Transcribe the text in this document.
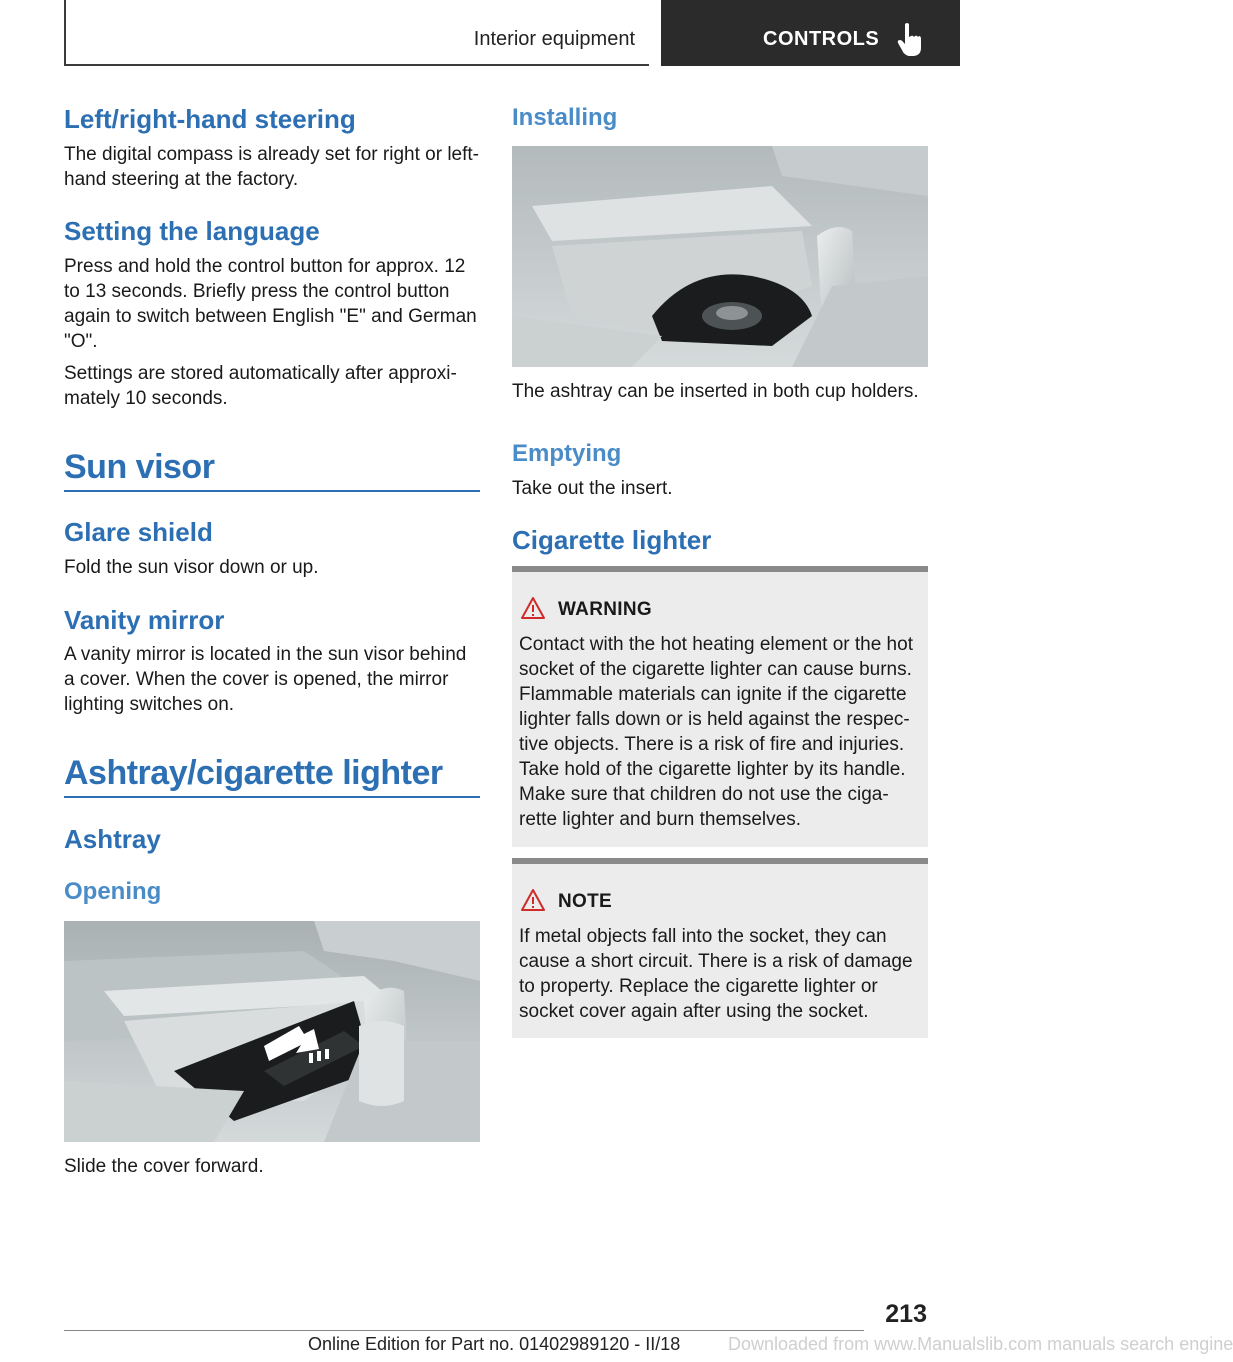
Interior equipment	CONTROLS
Left/right-hand steering
The digital compass is already set for right or left-hand steering at the factory.
Setting the language
Press and hold the control button for approx. 12 to 13 seconds. Briefly press the control button again to switch between English "E" and German "O".
Settings are stored automatically after approxi-mately 10 seconds.
Sun visor
Glare shield
Fold the sun visor down or up.
Vanity mirror
A vanity mirror is located in the sun visor behind a cover. When the cover is opened, the mirror lighting switches on.
Ashtray/cigarette lighter
Ashtray
Opening
Slide the cover forward.
Installing
The ashtray can be inserted in both cup holders.
Emptying
Take out the insert.
Cigarette lighter
WARNING
Contact with the hot heating element or the hot socket of the cigarette lighter can cause burns. Flammable materials can ignite if the cigarette lighter falls down or is held against the respec-tive objects. There is a risk of fire and injuries. Take hold of the cigarette lighter by its handle. Make sure that children do not use the ciga-rette lighter and burn themselves.
NOTE
If metal objects fall into the socket, they can cause a short circuit. There is a risk of damage to property. Replace the cigarette lighter or socket cover again after using the socket.
213
Online Edition for Part no. 01402989120 - II/18	Downloaded from www.Manualslib.com manuals search engine
